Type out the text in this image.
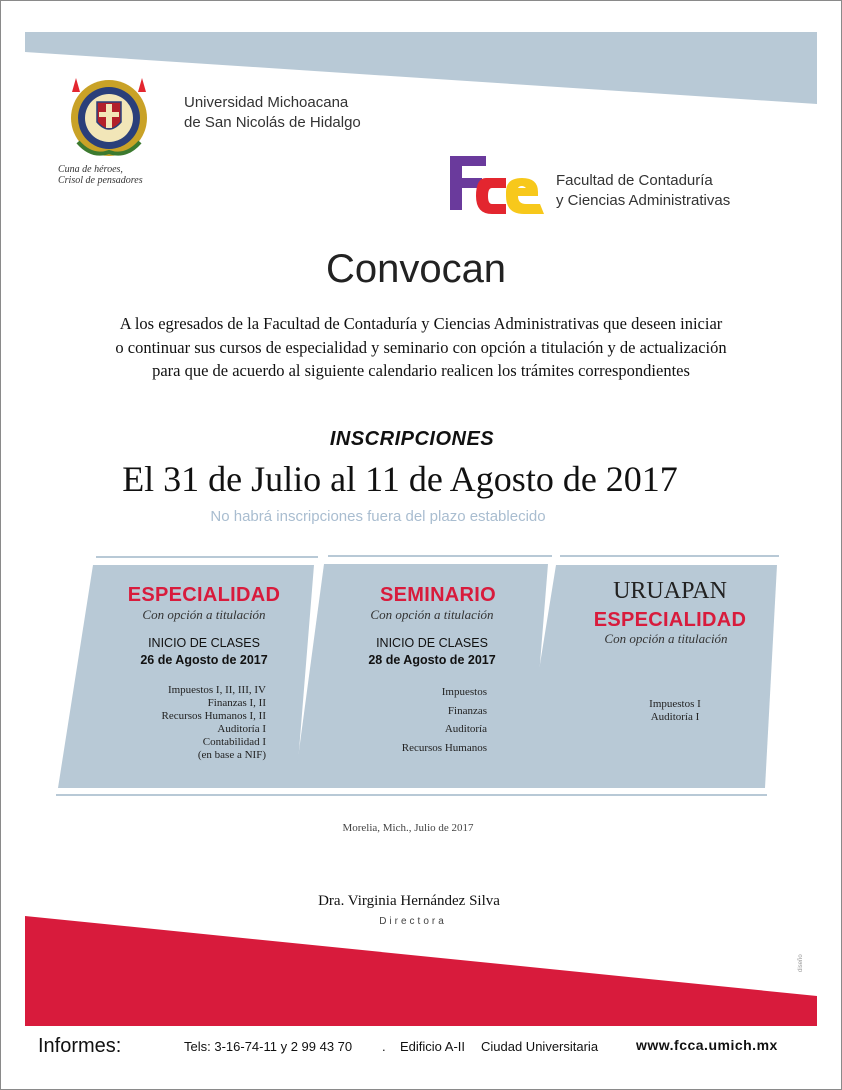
Cuna de héroes,
Crisol de pensadores
Universidad Michoacana
de San Nicolás de Hidalgo
Facultad de Contaduría
y Ciencias Administrativas
Convocan
A los egresados de la Facultad de Contaduría y Ciencias Administrativas que deseen iniciar
o continuar sus cursos de especialidad y seminario con opción a titulación y de actualización
para que de acuerdo al siguiente calendario realicen los trámites correspondientes
INSCRIPCIONES
El 31 de Julio al 11 de Agosto de 2017
No habrá inscripciones fuera del plazo establecido
ESPECIALIDAD
Con opción a titulación
INICIO DE CLASES
26 de Agosto de 2017
Impuestos I, II, III, IV
Finanzas I, II
Recursos Humanos I, II
Auditoría I
Contabilidad I
(en base a NIF)
SEMINARIO
Con opción a titulación
INICIO DE CLASES
28 de Agosto de 2017
Impuestos
Finanzas
Auditoría
Recursos Humanos
URUAPAN
ESPECIALIDAD
Con opción a titulación
Impuestos I
Auditoría I
Morelia, Mich., Julio de 2017
Dra. Virginia Hernández Silva
Directora
diseño
Informes:	Tels: 3-16-74-11 y 2 99 43 70 . Edificio A-II Ciudad Universitaria	www.fcca.umich.mx
